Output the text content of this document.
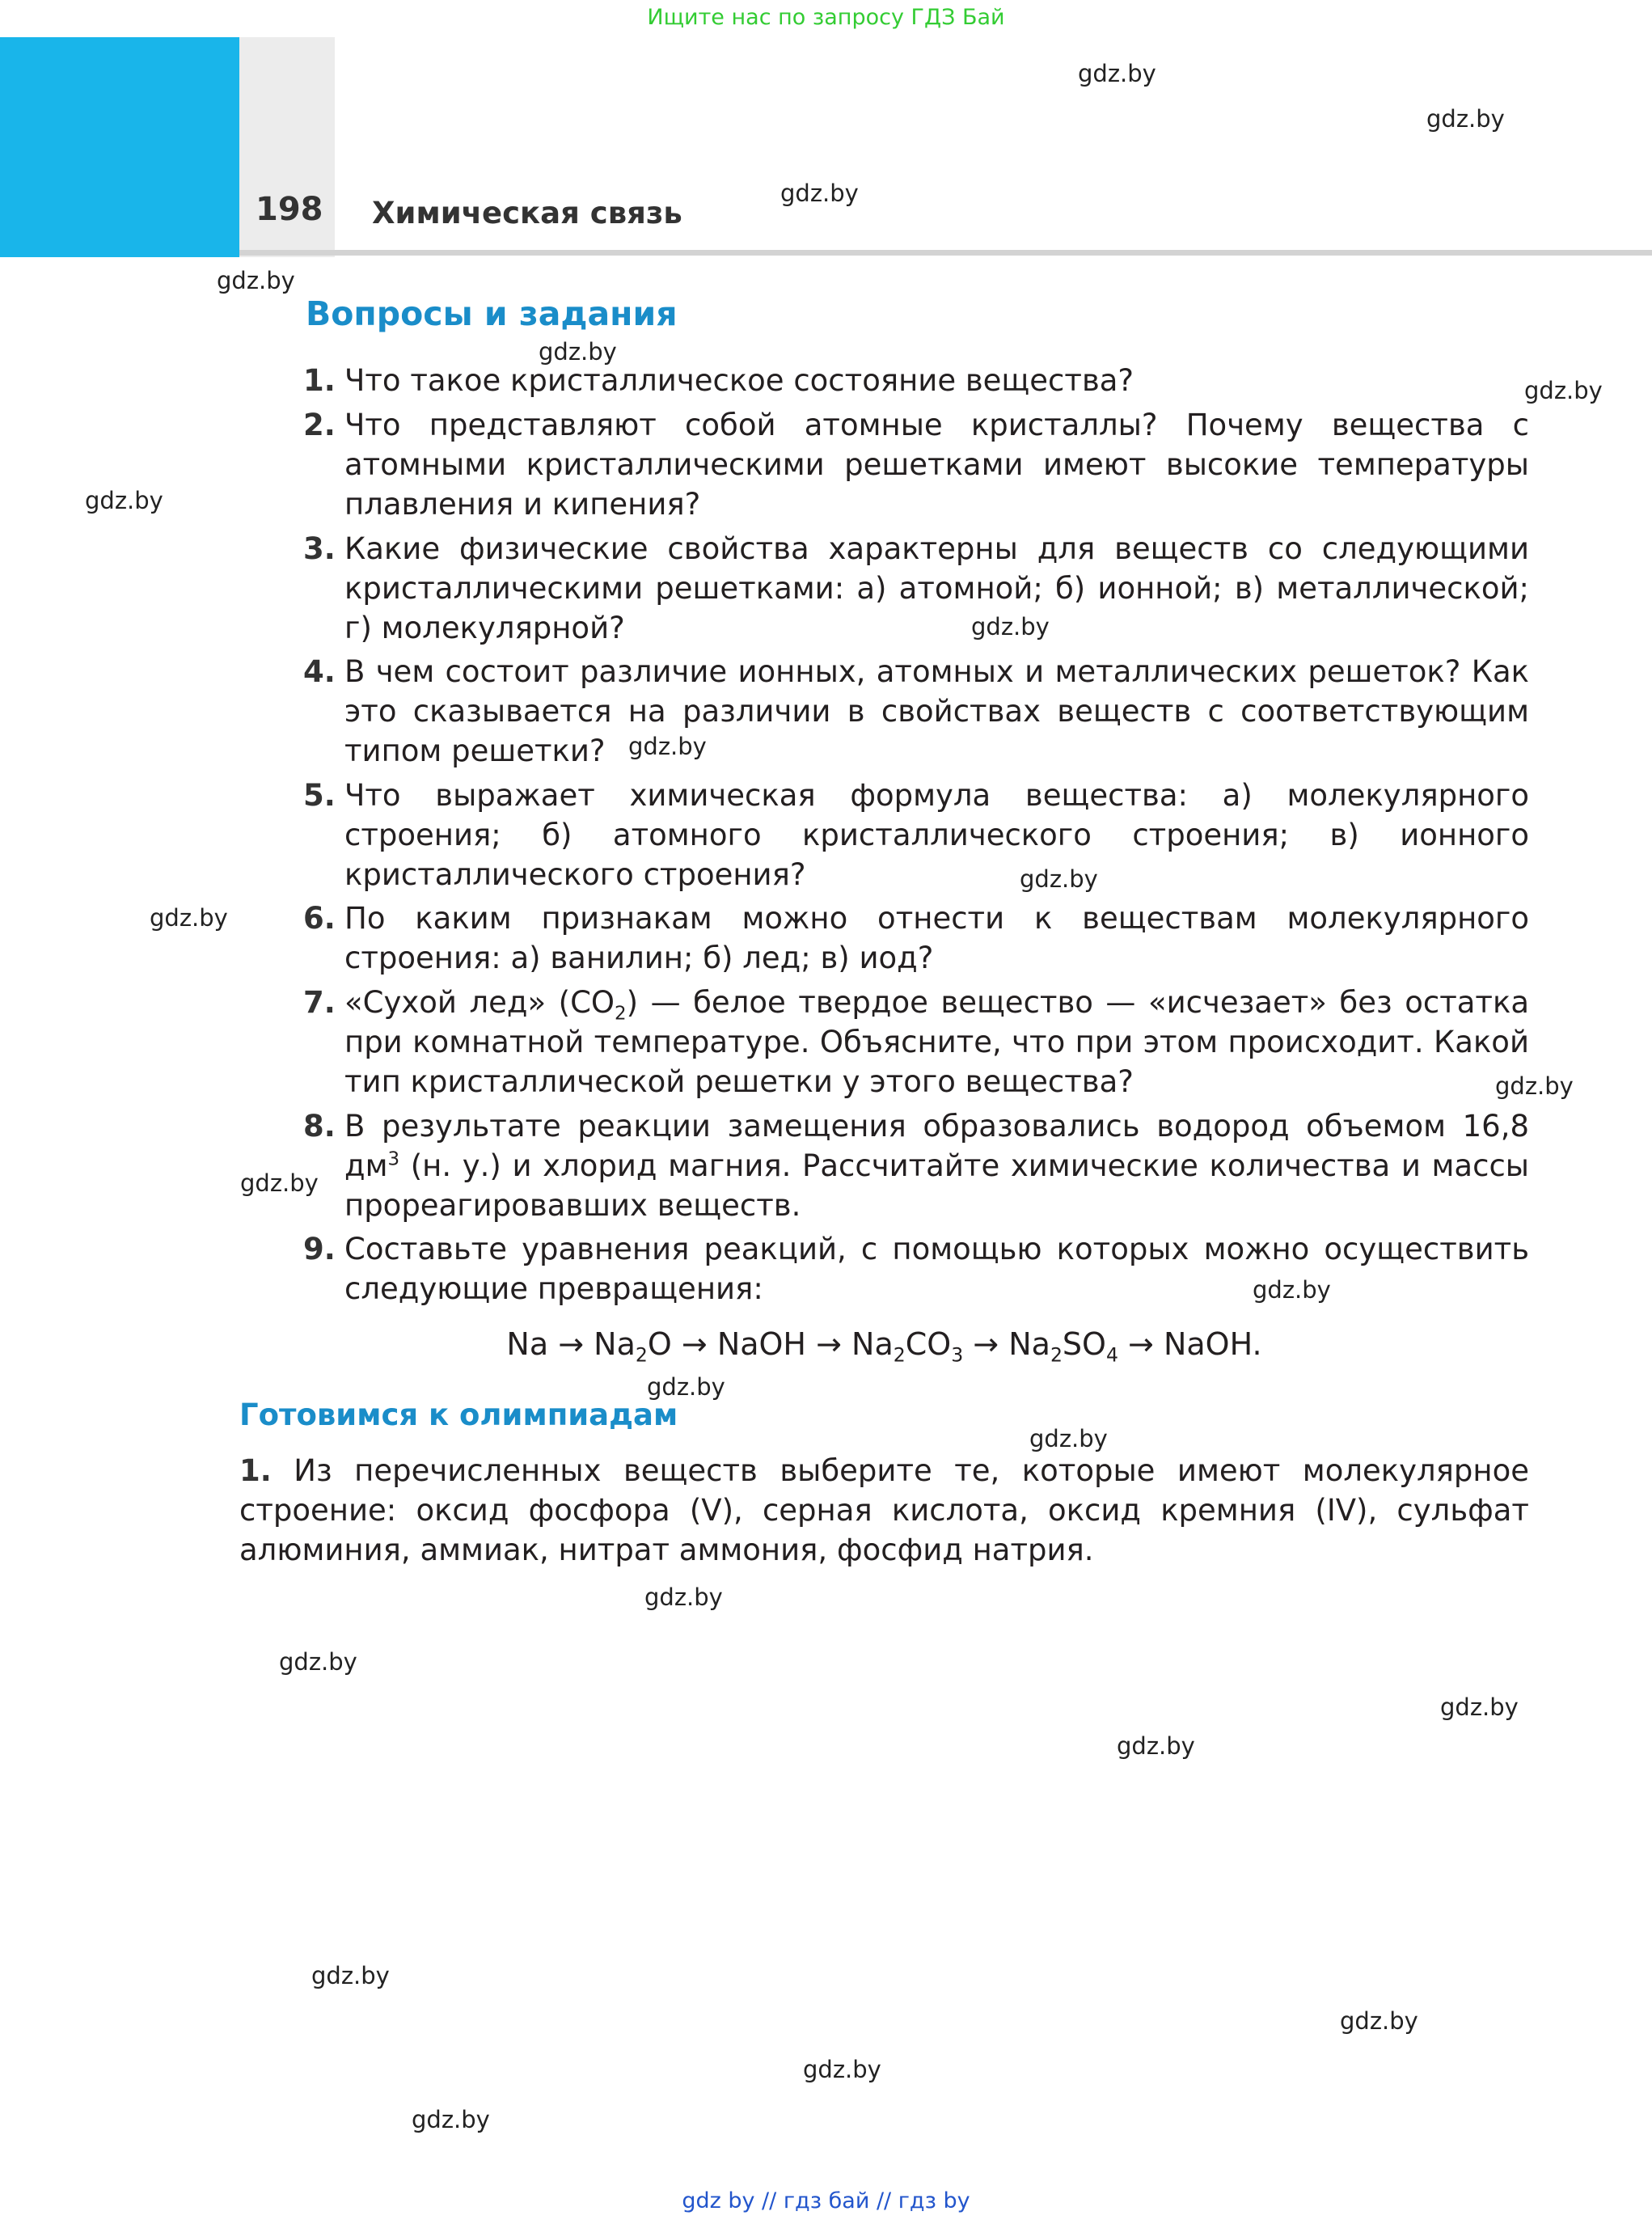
Ищите нас по запросу ГДЗ Бай
198 Химическая связь
gdz.by
gdz.by
gdz.by
gdz.by
gdz.by
gdz.by
gdz.by
gdz.by
gdz.by
gdz.by
gdz.by
gdz.by
gdz.by
gdz.by
gdz.by
gdz.by
gdz.by
gdz.by
gdz.by
gdz.by
gdz.by
gdz.by
gdz.by
gdz.by
Вопросы и задания
1. Что такое кристаллическое состояние вещества?
2. Что представляют собой атомные кристаллы? Почему вещества с атомными кристаллическими решетками имеют высокие температуры плавления и кипения?
3. Какие физические свойства характерны для веществ со следующими кристаллическими решетками: а) атомной; б) ионной; в) металлической; г) молекулярной?
4. В чем состоит различие ионных, атомных и металлических решеток? Как это сказывается на различии в свойствах веществ с соответствующим типом решетки?
5. Что выражает химическая формула вещества: а) молекулярного строения; б) атомного кристаллического строения; в) ионного кристаллического строения?
6. По каким признакам можно отнести к веществам молекулярного строения: а) ванилин; б) лед; в) иод?
7. «Сухой лед» $(CO_2)$ — белое твердое вещество — «исчезает» без остатка при комнатной температуре. Объясните, что при этом происходит. Какой тип кристаллической решетки у этого вещества?
8. В результате реакции замещения образовались водород объемом 16,8 $дм^3$ (н. у.) и хлорид магния. Рассчитайте химические количества и массы прореагировавших веществ.
9. Составьте уравнения реакций, с помощью которых можно осуществить следующие превращения:
$Na \to Na_2O$ → NaOH → $Na_2CO_3 \to Na_2SO_4$ → NaOH.
Готовимся к олимпиадам
1. Из перечисленных веществ выберите те, которые имеют молекулярное строение: оксид фосфора (V), серная кислота, оксид кремния (IV), сульфат алюминия, аммиак, нитрат аммония, фосфид натрия.
gdz by // гдз бай // гдз by
